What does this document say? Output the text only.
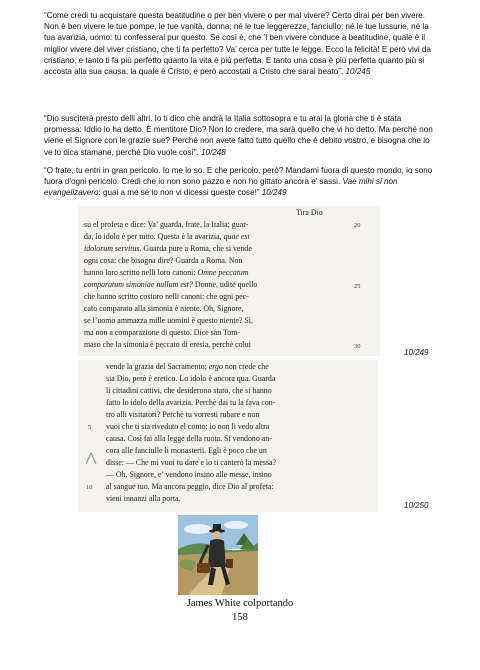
“Come credi tu acquistare questa beatitudine o per ben vivere o per mal vivere? Certo dirai per ben vivere. Non è ben vivere le tue pompe, le tue vanità, donna; né le tue leggerezze, fanciullo; né le tue lussurie, né la tua avarizia, uomo: tu confesserai pur questo. Se così è, che ’l ben vivere conduce a beatitudine, quale è il miglior vivere del viver cristiano, che ti fa perfetto? Va’ cerca per tutte le legge. Ecco la felicità! E però vivi da cristiano, e tanto ti fa più perfetto quanto la vita è più perfetta. E tanto una cosa è più perfetta quanto più si accosta alla sua causa, la quale è Cristo; e però accostati a Cristo che sarai beato”. 10/245

“Dio susciterà presto delli altri. Io ti dico che andrà la Italia sottosopra e tu arai la gloria che ti è stata promessa: Iddio lo ha detto. È mentitore Dio? Non lo credere, ma sarà quello che vi ho detto. Ma perché non viene el Signore con le grazie sue? Perché non avete fatto tutto quello che è debito vostro, e bisogna che io ve lo dica stamane, perché Dio vuole così”. 10/248

“O frate, tu entri in gran pericolo. Io me lo so. E che pericolo, però? Mandami fuora di questo mondo, io sono fuora d’ogni pericolo. Credi che io non sono pazzo e non ho gittato ancora e’ sassi. Vae mihi si non evangelizavero: guai a me se io non vi dicessi queste cose!” 10/249

Tira Dio
su el profeta e dice: Va’ guarda, frate, la Italia; guar-
da, lo idolo è per tutto. Questa è la avarizia, quae est
idolorum servitus. Guarda pure a Roma, che si vende
ogni cosa: che bisogna dire? Guarda a Roma. Non
hanno loro scritto nelli loro canoni: Omne peccatum
comparatum simoniae nullum est? Donne, udite quello
che hanno scritto costoro nelli canoni: che ogni pec-
cato comparato alla simonia è niente. Oh, Signore,
se l’uomo ammazza mille uomini è questo niente? Sì,
ma non a comparazione di questo. Dice san Tom-
maso che la simonia è peccato di eresia, perchè colui
20
25
30
10/249
vende la grazia del Sacramento; ergo non crede che
sia Dio, però è eretico. Lo idolo è ancora qua. Guarda
li cittadini cattivi, che desiderono stato, che si hanno
fatto lo idolo della avarizia. Perchè dai tu la fava con-
tro alli visitatori? Perchè tu vorresti rubare e non
vuoi che ti sia riveduto el conto: io non li vedo altra
causa. Così fai alla legge della ruota. Si vendono an-
cora alle fanciulle li monasterii. Egli è poco che un
disse: — Che mi vuoi tu dare e io ti canterò la messa?
— Oh, Signore, e’ vendono insino alle messe, insino
al sangue tuo. Ma ancora peggio, dice Dio al profeta:
vieni innanzi alla porta.
5
10
10/250
James White colportando
158
